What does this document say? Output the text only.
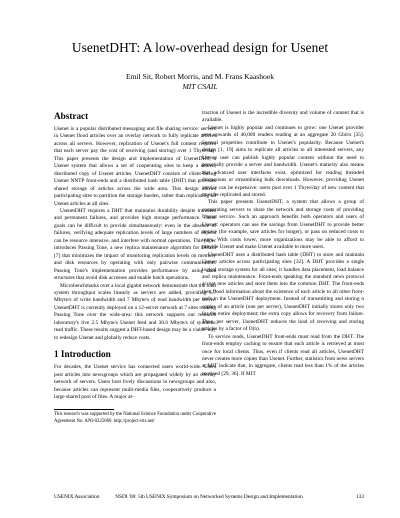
UsenetDHT: A low-overhead design for Usenet
Emil Sit, Robert Morris, and M. Frans Kaashoek
MIT CSAIL
Abstract

Usenet is a popular distributed messaging and file sharing service: servers in Usenet flood articles over an overlay network to fully replicate articles across all servers. However, replication of Usenet's full content requires that each server pay the cost of receiving (and storing) over 1 Tbyte/day. This paper presents the design and implementation of UsenetDHT, a Usenet system that allows a set of cooperating sites to keep a shared, distributed copy of Usenet articles. UsenetDHT consists of client-facing Usenet NNTP front-ends and a distributed hash table (DHT) that provides shared storage of articles across the wide area. This design allows participating sites to partition the storage burden, rather than replicating all Usenet articles at all sites.

UsenetDHT requires a DHT that maintains durability despite transient and permanent failures, and provides high storage performance. These goals can be difficult to provide simultaneously: even in the absence of failures, verifying adequate replication levels of large numbers of objects can be resource intensive, and interfere with normal operations. This paper introduces Passing Tone, a new replica maintenance algorithm for DHash [7] that minimizes the impact of monitoring replication levels on memory and disk resources by operating with only pairwise communication. Passing Tone's implementation provides performance by using data structures that avoid disk accesses and enable batch operations.

Microbenchmarks over a local gigabit network demonstrate that the total system throughput scales linearly as servers are added, providing 5.7 Mbyte/s of write bandwidth and 7 Mbyte/s of read bandwidth per server. UsenetDHT is currently deployed on a 12-server network at 7 sites running Passing Tone over the wide-area: this network supports our research laboratory's live 2.5 Mbyte/s Usenet feed and 30.6 Mbyte/s of synthetic read traffic. These results suggest a DHT-based design may be a viable way to redesign Usenet and globally reduce costs.

1 Introduction

For decades, the Usenet service has connected users world-wide. Users post articles into newsgroups which are propagated widely by an overlay network of servers. Users host lively discussions in newsgroups and also, because articles can represent multi-media files, cooperatively produce a large shared pool of files. A major at-

This research was supported by the National Science Foundation under Cooperative Agreement No. ANI-0225660. http://project-iris.net/

traction of Usenet is the incredible diversity and volume of content that is available.

Usenet is highly popular and continues to grow: one Usenet provider sees upwards of 40,000 readers reading at an aggregate 20 Gbit/s [35]. Several properties contribute to Usenet's popularity. Because Usenet's design [1, 19] aims to replicate all articles to all interested servers, any Usenet user can publish highly popular content without the need to personally provide a server and bandwidth. Usenet's maturity also means that advanced user interfaces exist, optimized for reading threaded discussions or streamlining bulk downloads. However, providing Usenet service can be expensive: users post over 1 Tbyte/day of new content that must be replicated and stored.

This paper presents UsenetDHT, a system that allows a group of cooperating servers to share the network and storage costs of providing Usenet service. Such an approach benefits both operators and users of Usenet: operators can use the savings from UsenetDHT to provide better service (for example, save articles for longer), or pass on reduced costs to users. With costs lower, more organizations may be able to afford to provide Usenet and make Usenet available to more users.

UsenetDHT uses a distributed hash table (DHT) to store and maintain Usenet articles across participating sites [32]. A DHT provides a single logical storage system for all sites; it handles data placement, load balance and replica maintenance. Front-ends speaking the standard news protocol accept new articles and store them into the common DHT. The front-ends then flood information about the existence of each article to all other front-ends in the UsenetDHT deployment. Instead of transmitting and storing n copies of an article (one per server), UsenetDHT initially stores only two for the entire deployment; the extra copy allows for recovery from failure. Thus, per server, UsenetDHT reduces the load of receiving and storing articles by a factor of O(n).

To service reads, UsenetDHT front-ends must read from the DHT. The front-ends employ caching to ensure that each article is retrieved at most once for local clients. Thus, even if clients read all articles, UsenetDHT never creates more copies than Usenet. Further, statistics from news servers at MIT indicate that, in aggregate, clients read less than 1% of the articles received [29, 36]. If MIT

USENIX Association	NSDI '08: 5th USENIX Symposium on Networked Systems Design and Implementation	133
